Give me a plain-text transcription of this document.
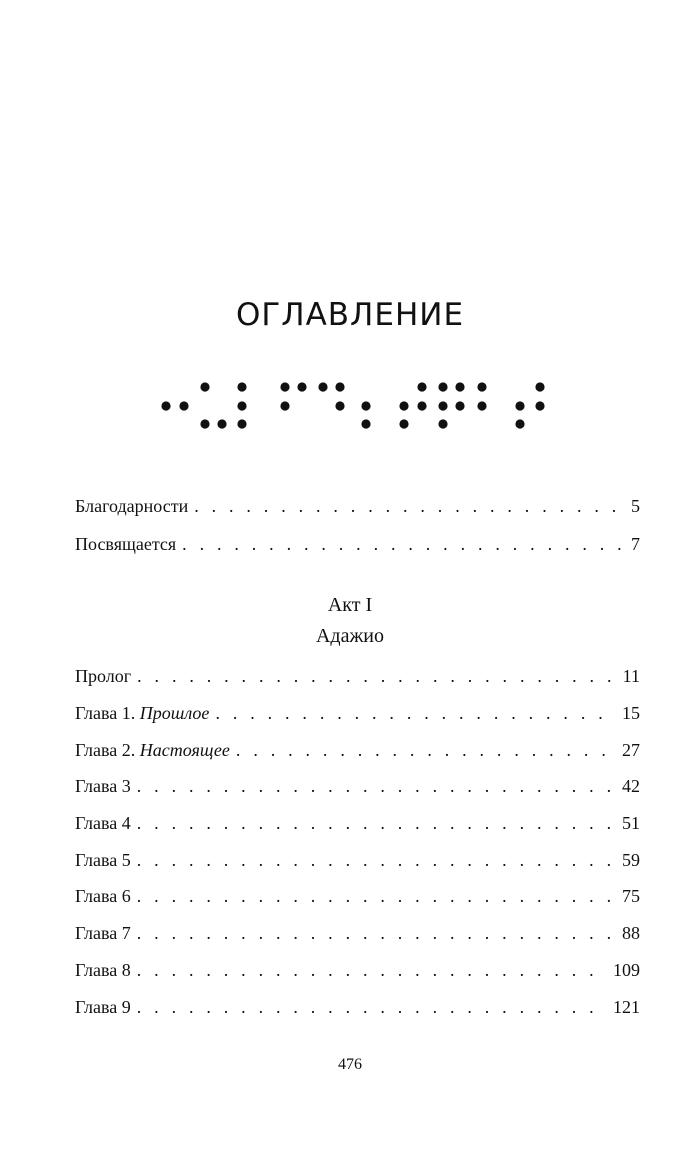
ОГЛАВЛЕНИЕ
Благодарности . . .	5
Посвящается . . .	7
Акт I
Адажио
Пролог . . .	11
Глава 1. Прошлое . . .	15
Глава 2. Настоящее . . .	27
Глава 3 . . .	42
Глава 4 . . .	51
Глава 5 . . .	59
Глава 6 . . .	75
Глава 7 . . .	88
Глава 8 . . .	109
Глава 9 . . .	121
476
